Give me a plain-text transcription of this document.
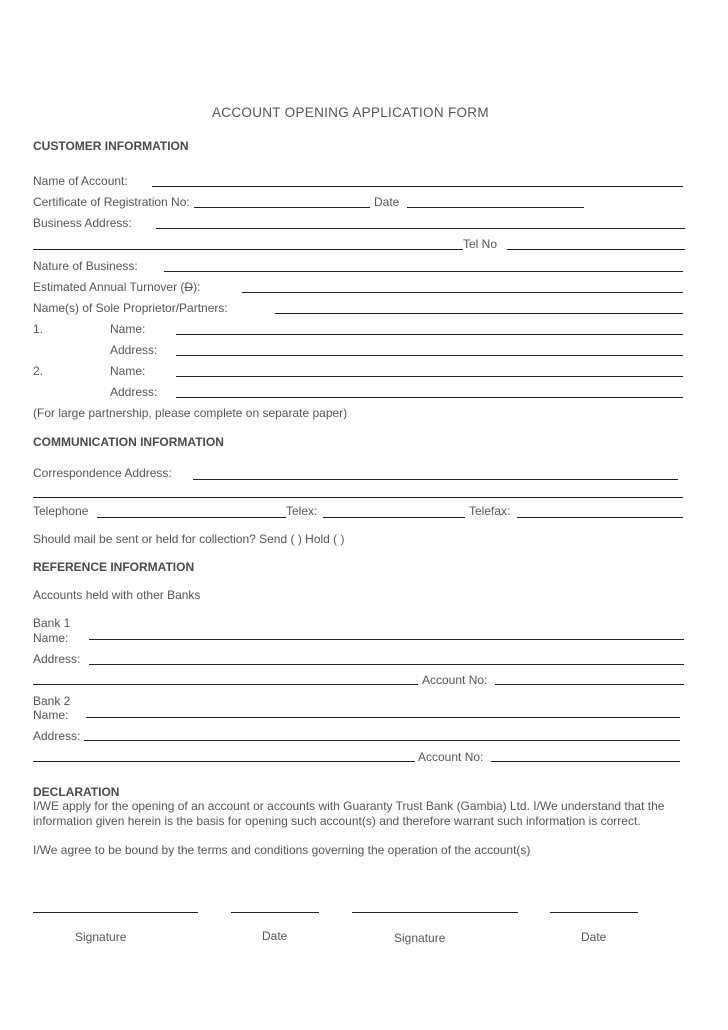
ACCOUNT OPENING APPLICATION FORM
CUSTOMER INFORMATION
Name of Account:
Certificate of Registration No:	Date
Business Address:
Tel No
Nature of Business:
Estimated Annual Turnover (D):
Name(s) of Sole Proprietor/Partners:
1.	Name:
Address:
2.	Name:
Address:
(For large partnership, please complete on separate paper)
COMMUNICATION INFORMATION
Correspondence Address:
Telephone	Telex:	Telefax:
Should mail be sent or held for collection? Send ( ) Hold ( )
REFERENCE INFORMATION
Accounts held with other Banks
Bank 1
Name:
Address:
Account No:
Bank 2
Name:
Address:
Account No:
DECLARATION
I/WE apply for the opening of an account or accounts with Guaranty Trust Bank (Gambia) Ltd. I/We understand that the information given herein is the basis for opening such account(s) and therefore warrant such information is correct.
I/We agree to be bound by the terms and conditions governing the operation of the account(s)
Signature	Date	Signature	Date
